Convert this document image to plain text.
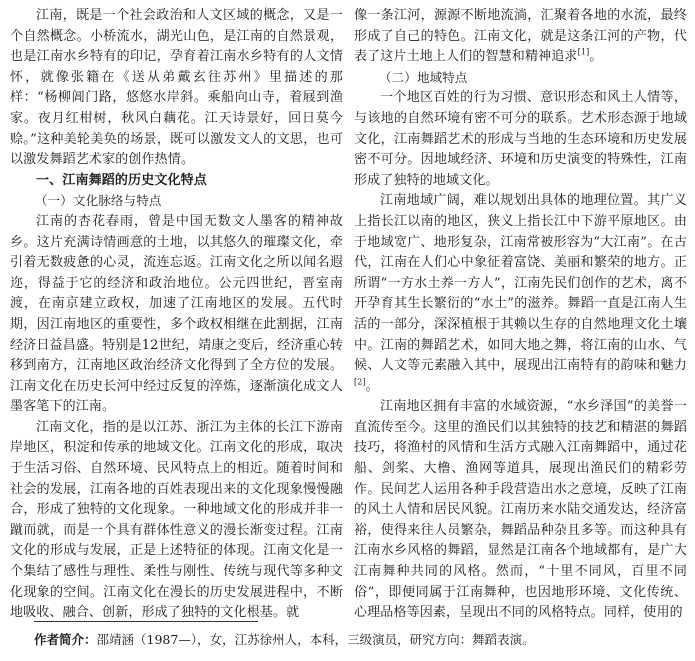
江南，既是一个社会政治和人文区域的概念，又是一个自然概念。小桥流水，湖光山色，是江南的自然景观，也是江南水乡特有的印记，孕育着江南水乡特有的人文情怀，就像张籍在《送从弟戴玄往苏州》里描述的那样：“杨柳阊门路，悠悠水岸斜。乘船向山寺，着屐到渔家。夜月红柑树，秋风白藕花。江天诗景好，回日莫今赊。”这种美轮美奂的场景，既可以激发文人的文思，也可以激发舞蹈艺术家的创作热情。

一、江南舞蹈的历史文化特点
（一）文化脉络与特点

江南的杏花春雨，曾是中国无数文人墨客的精神故乡。这片充满诗情画意的土地，以其悠久的璀璨文化，牵引着无数疲惫的心灵，流连忘返。江南文化之所以闻名遐迩，得益于它的经济和政治地位。公元四世纪，晋室南渡，在南京建立政权，加速了江南地区的发展。五代时期，因江南地区的重要性，多个政权相继在此割据，江南经济日益昌盛。特别是12世纪，靖康之变后，经济重心转移到南方，江南地区政治经济文化得到了全方位的发展。江南文化在历史长河中经过反复的淬炼，逐渐演化成文人墨客笔下的江南。

江南文化，指的是以江苏、浙江为主体的长江下游南岸地区，积淀和传承的地域文化。江南文化的形成，取决于生活习俗、自然环境、民风特点上的相近。随着时间和社会的发展，江南各地的百姓表现出来的文化现象慢慢融合，形成了独特的文化现象。一种地域文化的形成并非一蹴而就，而是一个具有群体性意义的漫长渐变过程。江南文化的形成与发展，正是上述特征的体现。江南文化是一个集结了感性与理性、柔性与刚性、传统与现代等多种文化现象的空间。江南文化在漫长的历史发展进程中，不断地吸收、融合、创新，形成了独特的文化根基。就

像一条江河，源源不断地流淌，汇聚着各地的水流，最终形成了自己的特色。江南文化，就是这条江河的产物，代表了这片土地上人们的智慧和精神追求[1]。

（二）地域特点

一个地区百姓的行为习惯、意识形态和风土人情等，与该地的自然环境有密不可分的联系。艺术形态源于地域文化，江南舞蹈艺术的形成与当地的生态环境和历史发展密不可分。因地域经济、环境和历史演变的特殊性，江南形成了独特的地域文化。

江南地域广阔，难以规划出具体的地理位置。其广义上指长江以南的地区，狭义上指长江中下游平原地区。由于地域宽广、地形复杂，江南常被形容为“大江南”。在古代，江南在人们心中象征着富饶、美丽和繁荣的地方。正所谓“一方水土养一方人”，江南先民们创作的艺术，离不开孕育其生长繁衍的“水土”的滋养。舞蹈一直是江南人生活的一部分，深深植根于其赖以生存的自然地理文化土壤中。江南的舞蹈艺术，如同大地之舞，将江南的山水、气候、人文等元素融入其中，展现出江南特有的韵味和魅力[2]。

江南地区拥有丰富的水域资源，“水乡泽国”的美誉一直流传至今。这里的渔民们以其独特的技艺和精湛的舞蹈技巧，将渔村的风情和生活方式融入江南舞蹈中，通过花船、剑桨、大橹、渔网等道具，展现出渔民们的精彩劳作。民间艺人运用各种手段营造出水之意境，反映了江南的风土人情和居民风貌。江南历来水陆交通发达，经济富裕，使得来往人员繁杂，舞蹈品种杂且多等。而这种具有江南水乡风格的舞蹈，显然是江南各个地域都有，是广大江南舞种共同的风格。然而，“十里不同风，百里不同俗”，即便同属于江南舞种，也因地形环境、文化传统、心理品格等因素，呈现出不同的风格特点。同样，使用的

作者简介：邵靖涵（1987—），女，江苏徐州人，本科，三级演员，研究方向：舞蹈表演。
